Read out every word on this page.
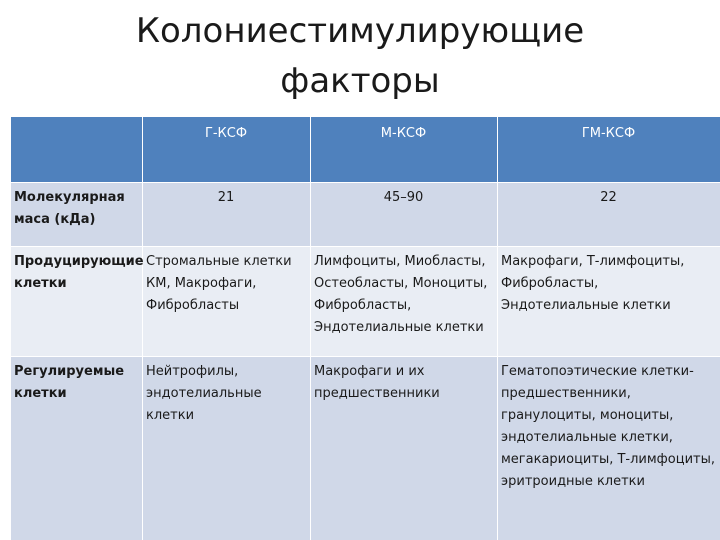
Колониестимулирующие
факторы
	Г-КСФ	М-КСФ	ГМ-КСФ
Молекулярная маса (кДа)	21	45–90	22
Продуцирующие клетки	Стромальные клетки КМ, Макрофаги, Фибробласты	Лимфоциты, Миобласты, Остеобласты, Моноциты, Фибробласты, Эндотелиальные клетки	Макрофаги, Т-лимфоциты, Фибробласты, Эндотелиальные клетки
Регулируемые клетки	Нейтрофилы, эндотелиальные клетки	Макрофаги и их предшественники	Гематопоэтические клетки-предшественники, гранулоциты, моноциты, эндотелиальные клетки, мегакариоциты, Т-лимфоциты, эритроидные клетки
